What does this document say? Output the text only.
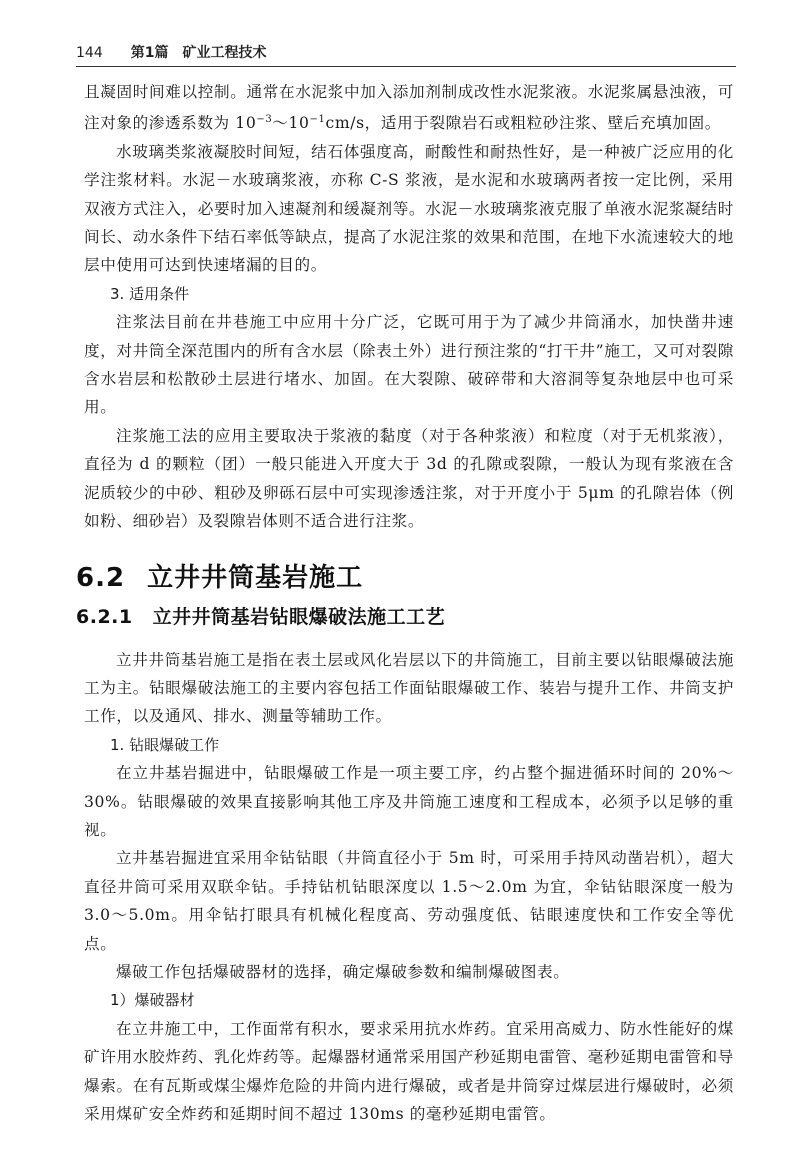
144 第1篇 矿业工程技术

且凝固时间难以控制。通常在水泥浆中加入添加剂制成改性水泥浆液。水泥浆属悬浊液，可注对象的渗透系数为 $10^{-3}\sim 10^{-1}cm/s$，适用于裂隙岩石或粗粒砂注浆、壁后充填加固。

水玻璃类浆液凝胶时间短，结石体强度高，耐酸性和耐热性好，是一种被广泛应用的化学注浆材料。水泥－水玻璃浆液，亦称 C-S 浆液，是水泥和水玻璃两者按一定比例，采用双液方式注入，必要时加入速凝剂和缓凝剂等。水泥－水玻璃浆液克服了单液水泥浆凝结时间长、动水条件下结石率低等缺点，提高了水泥注浆的效果和范围，在地下水流速较大的地层中使用可达到快速堵漏的目的。

3. 适用条件

注浆法目前在井巷施工中应用十分广泛，它既可用于为了减少井筒涌水，加快凿井速度，对井筒全深范围内的所有含水层（除表土外）进行预注浆的“打干井”施工，又可对裂隙含水岩层和松散砂土层进行堵水、加固。在大裂隙、破碎带和大溶洞等复杂地层中也可采用。

注浆施工法的应用主要取决于浆液的黏度（对于各种浆液）和粒度（对于无机浆液），直径为 d 的颗粒（团）一般只能进入开度大于 3d 的孔隙或裂隙，一般认为现有浆液在含泥质较少的中砂、粗砂及卵砾石层中可实现渗透注浆，对于开度小于 5μm 的孔隙岩体（例如粉、细砂岩）及裂隙岩体则不适合进行注浆。

6.2 立井井筒基岩施工
6.2.1 立井井筒基岩钻眼爆破法施工工艺

立井井筒基岩施工是指在表土层或风化岩层以下的井筒施工，目前主要以钻眼爆破法施工为主。钻眼爆破法施工的主要内容包括工作面钻眼爆破工作、装岩与提升工作、井筒支护工作，以及通风、排水、测量等辅助工作。

1. 钻眼爆破工作

在立井基岩掘进中，钻眼爆破工作是一项主要工序，约占整个掘进循环时间的 20%～30%。钻眼爆破的效果直接影响其他工序及井筒施工速度和工程成本，必须予以足够的重视。

立井基岩掘进宜采用伞钻钻眼（井筒直径小于 5m 时，可采用手持风动凿岩机），超大直径井筒可采用双联伞钻。手持钻机钻眼深度以 1.5～2.0m 为宜，伞钻钻眼深度一般为 3.0～5.0m。用伞钻打眼具有机械化程度高、劳动强度低、钻眼速度快和工作安全等优点。

爆破工作包括爆破器材的选择，确定爆破参数和编制爆破图表。

1）爆破器材

在立井施工中，工作面常有积水，要求采用抗水炸药。宜采用高威力、防水性能好的煤矿许用水胶炸药、乳化炸药等。起爆器材通常采用国产秒延期电雷管、毫秒延期电雷管和导爆索。在有瓦斯或煤尘爆炸危险的井筒内进行爆破，或者是井筒穿过煤层进行爆破时，必须采用煤矿安全炸药和延期时间不超过 130ms 的毫秒延期电雷管。
